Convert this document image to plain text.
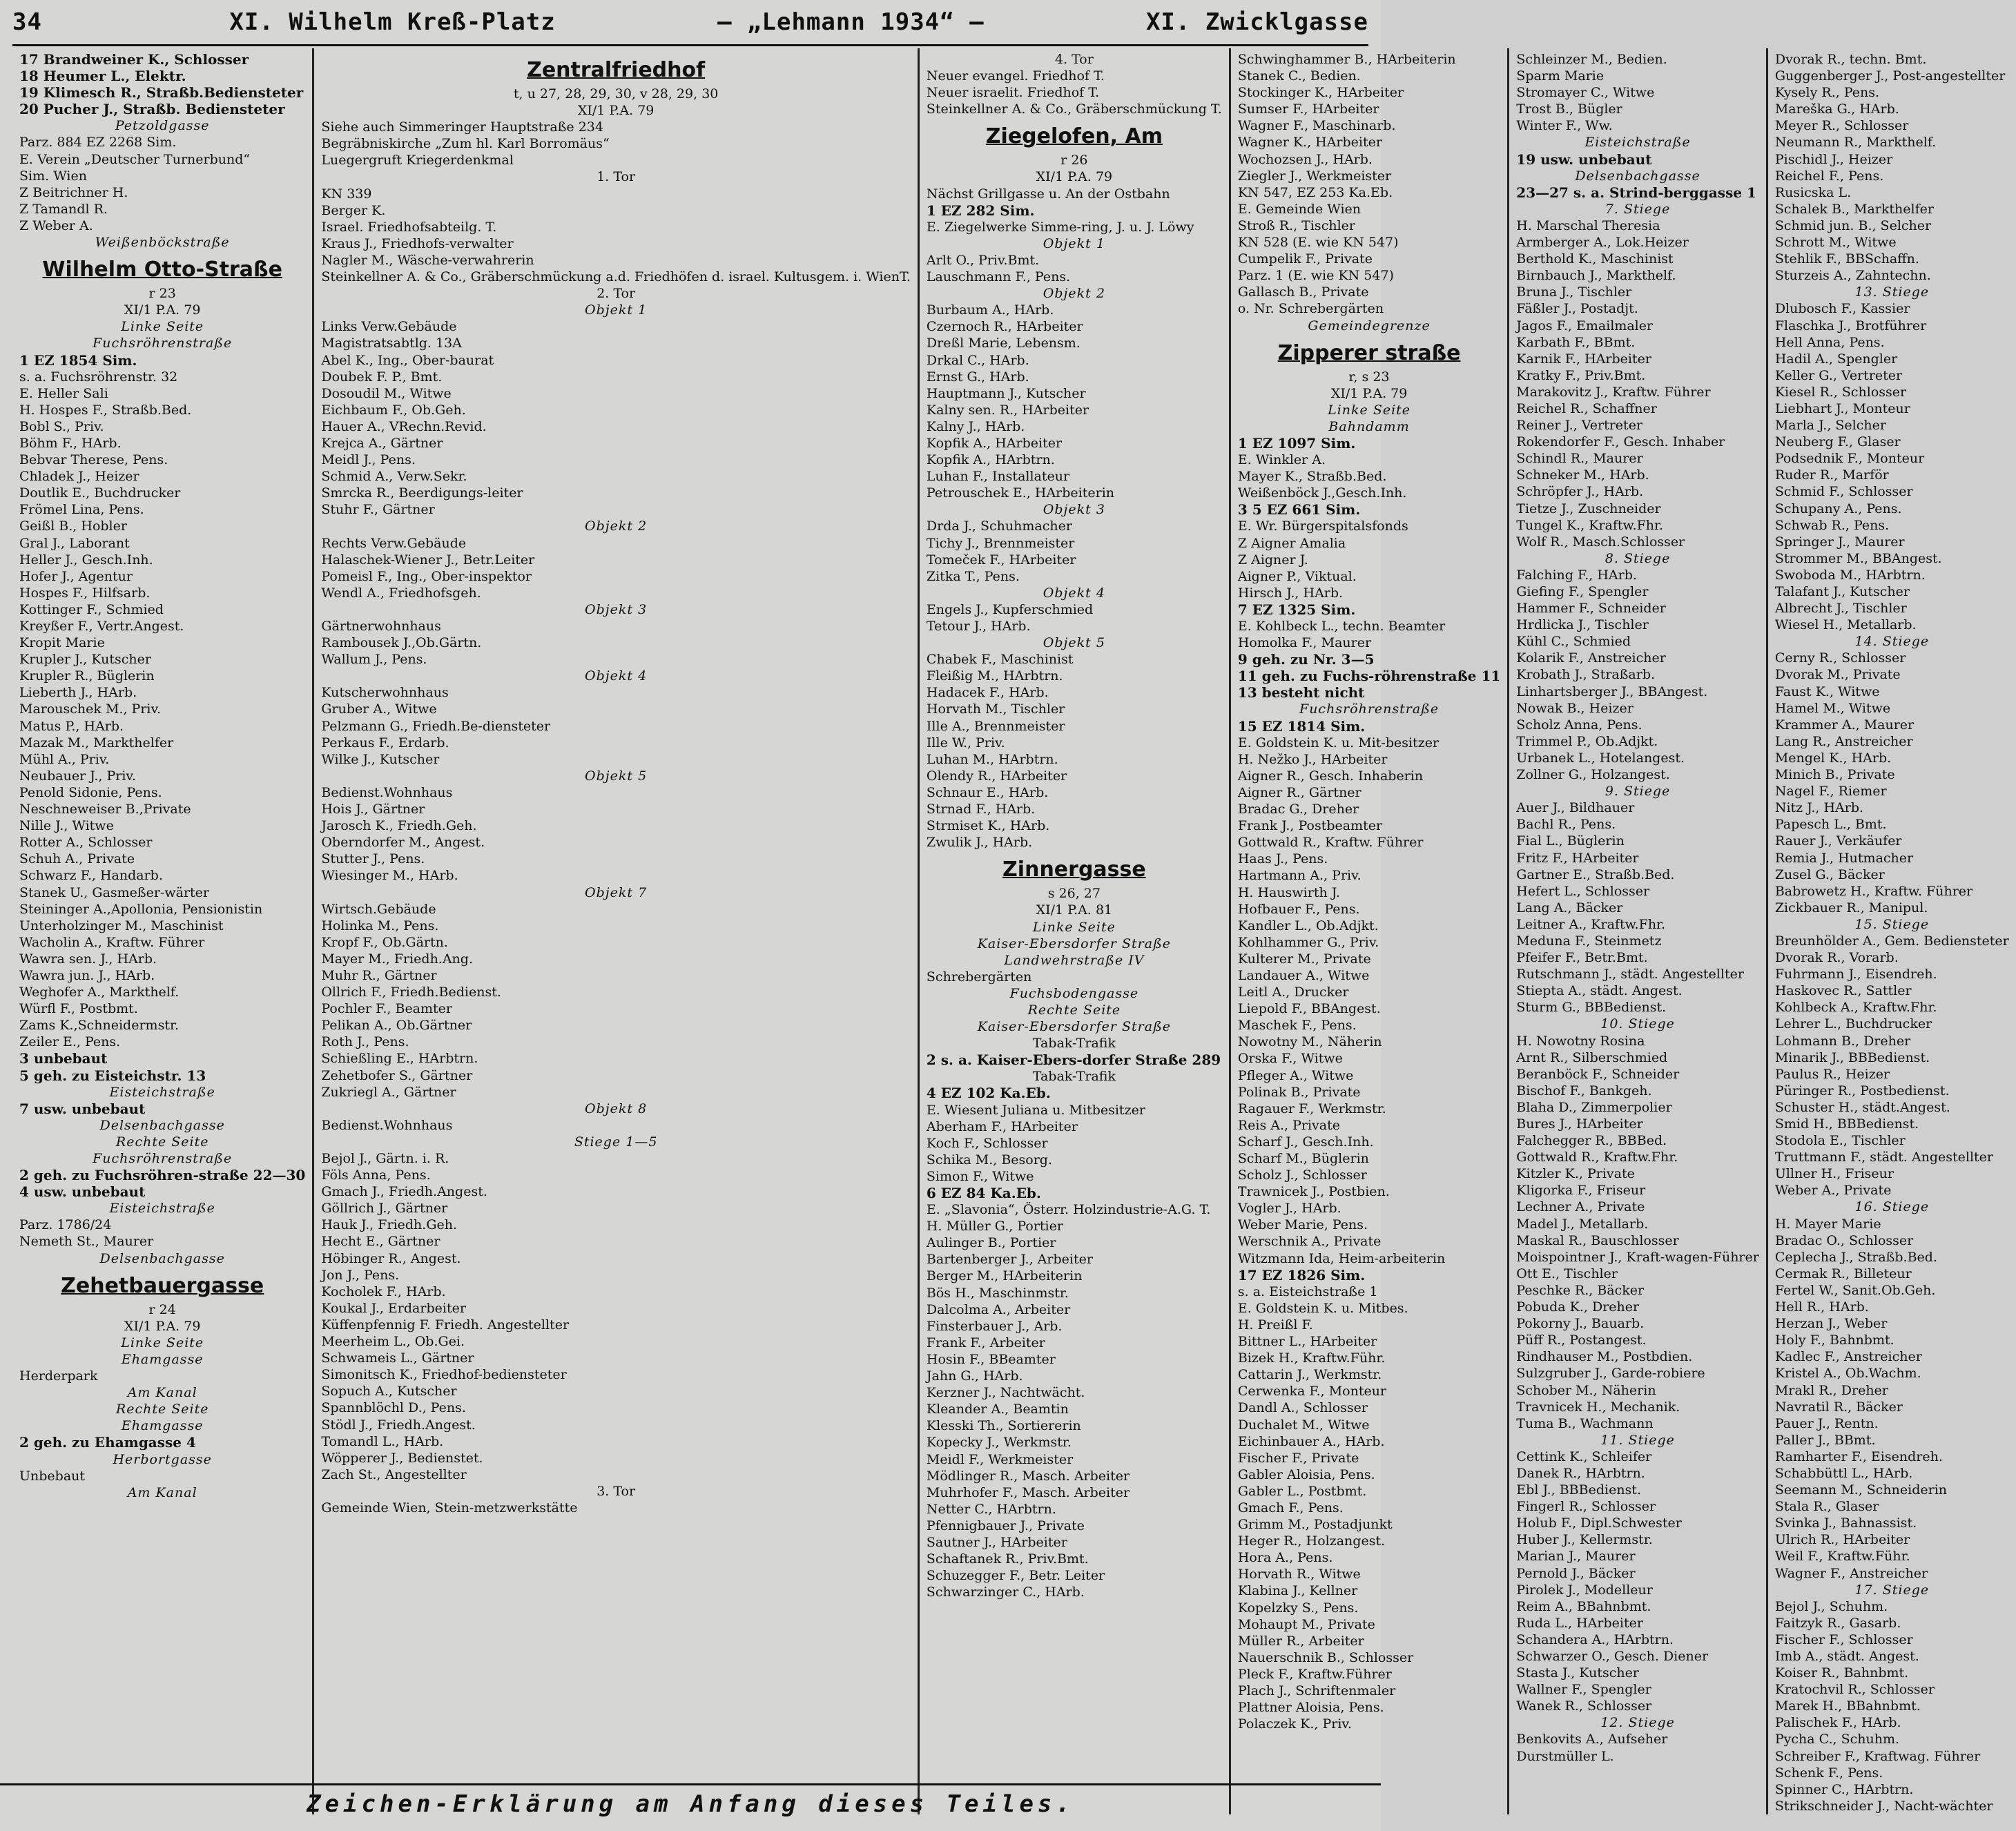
34	XI. Wilhelm Kreß-Platz	— „Lehmann 1934“ —	XI. Zwicklgasse
17 Brandweiner K., Schlosser
18 Heumer L., Elektr.
19 Klimesch R., Straßb.Bediensteter
20 Pucher J., Straßb. Bediensteter
Petzoldgasse
Parz. 884 EZ 2268 Sim.
E. Verein „Deutscher Turnerbund“
Sim. Wien
Z Beitrichner H.
Z Tamandl R.
Z Weber A.
Weißenböckstraße
Wilhelm Otto-Straße
r 23
XI/1 P.A. 79
Linke Seite
Fuchsröhrenstraße
1 EZ 1854 Sim.
s. a. Fuchsröhrenstr. 32
E. Heller Sali
H. Hospes F., Straßb.Bed.
Bobl S., Priv.
Böhm F., HArb.
Bebvar Therese, Pens.
Chladek J., Heizer
Doutlik E., Buchdrucker
Frömel Lina, Pens.
Geißl B., Hobler
Gral J., Laborant
Heller J., Gesch.Inh.
Hofer J., Agentur
Hospes F., Hilfsarb.
Kottinger F., Schmied
Kreyßer F., Vertr.Angest.
Kropit Marie
Krupler J., Kutscher
Krupler R., Büglerin
Lieberth J., HArb.
Marouschek M., Priv.
Matus P., HArb.
Mazak M., Markthelfer
Mühl A., Priv.
Neubauer J., Priv.
Penold Sidonie, Pens.
Neschneweiser B.,Private
Nille J., Witwe
Rotter A., Schlosser
Schuh A., Private
Schwarz F., Handarb.
Stanek U., Gasmeßer-wärter
Steininger A.,Apollonia, Pensionistin
Unterholzinger M., Maschinist
Wacholin A., Kraftw. Führer
Wawra sen. J., HArb.
Wawra jun. J., HArb.
Weghofer A., Markthelf.
Würfl F., Postbmt.
Zams K.,Schneidermstr.
Zeiler E., Pens.
3 unbebaut
5 geh. zu Eisteichstr. 13
Eisteichstraße
7 usw. unbebaut
Delsenbachgasse
Rechte Seite
Fuchsröhrenstraße
2 geh. zu Fuchsröhren-straße 22—30
4 usw. unbebaut
Eisteichstraße
Parz. 1786/24
Nemeth St., Maurer
Delsenbachgasse
Zehetbauergasse
r 24
XI/1 P.A. 79
Linke Seite
Ehamgasse
Herderpark
Am Kanal
Rechte Seite
Ehamgasse
2 geh. zu Ehamgasse 4
Herbortgasse
Unbebaut
Am Kanal
Zentralfriedhof
t, u 27, 28, 29, 30, v 28, 29, 30
XI/1 P.A. 79
Siehe auch Simmeringer Hauptstraße 234
Begräbniskirche „Zum hl. Karl Borromäus“
Luegergruft Kriegerdenkmal
1. Tor
KN 339
Berger K.
Israel. Friedhofsabteilg. T.
Kraus J., Friedhofs-verwalter
Nagler M., Wäsche-verwahrerin
Steinkellner A. & Co., Gräberschmückung a.d. Friedhöfen d. israel. Kultusgem. i. WienT.
2. Tor
Objekt 1
Links Verw.Gebäude
Magistratsabtlg. 13A
Abel K., Ing., Ober-baurat
Doubek F. P., Bmt.
Dosoudil M., Witwe
Eichbaum F., Ob.Geh.
Hauer A., VRechn.Revid.
Krejca A., Gärtner
Meidl J., Pens.
Schmid A., Verw.Sekr.
Smrcka R., Beerdigungs-leiter
Stuhr F., Gärtner
Objekt 2
Rechts Verw.Gebäude
Halaschek-Wiener J., Betr.Leiter
Pomeisl F., Ing., Ober-inspektor
Wendl A., Friedhofsgeh.
Objekt 3
Gärtnerwohnhaus
Rambousek J.,Ob.Gärtn.
Wallum J., Pens.
Objekt 4
Kutscherwohnhaus
Gruber A., Witwe
Pelzmann G., Friedh.Be-diensteter
Perkaus F., Erdarb.
Wilke J., Kutscher
Objekt 5
Bedienst.Wohnhaus
Hois J., Gärtner
Jarosch K., Friedh.Geh.
Oberndorfer M., Angest.
Stutter J., Pens.
Wiesinger M., HArb.
Objekt 7
Wirtsch.Gebäude
Holinka M., Pens.
Kropf F., Ob.Gärtn.
Mayer M., Friedh.Ang.
Muhr R., Gärtner
Ollrich F., Friedh.Bedienst.
Pochler F., Beamter
Pelikan A., Ob.Gärtner
Roth J., Pens.
Schießling E., HArbtrn.
Zehetbofer S., Gärtner
Zukriegl A., Gärtner
Objekt 8
Bedienst.Wohnhaus
Stiege 1—5
Bejol J., Gärtn. i. R.
Föls Anna, Pens.
Gmach J., Friedh.Angest.
Göllrich J., Gärtner
Hauk J., Friedh.Geh.
Hecht E., Gärtner
Höbinger R., Angest.
Jon J., Pens.
Kocholek F., HArb.
Koukal J., Erdarbeiter
Küffenpfennig F. Friedh. Angestellter
Meerheim L., Ob.Gei.
Schwameis L., Gärtner
Simonitsch K., Friedhof-bediensteter
Sopuch A., Kutscher
Spannblöchl D., Pens.
Stödl J., Friedh.Angest.
Tomandl L., HArb.
Wöpperer J., Bedienstet.
Zach St., Angestellter
3. Tor
Gemeinde Wien, Stein-metzwerkstätte
4. Tor
Neuer evangel. Friedhof T.
Neuer israelit. Friedhof T.
Steinkellner A. & Co., Gräberschmückung T.
Ziegelofen, Am
r 26
XI/1 P.A. 79
Nächst Grillgasse u. An der Ostbahn
1 EZ 282 Sim.
E. Ziegelwerke Simme-ring, J. u. J. Löwy
Objekt 1
Arlt O., Priv.Bmt.
Lauschmann F., Pens.
Objekt 2
Burbaum A., HArb.
Czernoch R., HArbeiter
Dreßl Marie, Lebensm.
Drkal C., HArb.
Ernst G., HArb.
Hauptmann J., Kutscher
Kalny sen. R., HArbeiter
Kalny J., HArb.
Kopfik A., HArbeiter
Kopfik A., HArbtrn.
Luhan F., Installateur
Petrouschek E., HArbeiterin
Objekt 3
Drda J., Schuhmacher
Tichy J., Brennmeister
Tomeček F., HArbeiter
Zitka T., Pens.
Objekt 4
Engels J., Kupferschmied
Tetour J., HArb.
Objekt 5
Chabek F., Maschinist
Fleißig M., HArbtrn.
Hadacek F., HArb.
Horvath M., Tischler
Ille A., Brennmeister
Ille W., Priv.
Luhan M., HArbtrn.
Olendy R., HArbeiter
Schnaur E., HArb.
Strnad F., HArb.
Strmiset K., HArb.
Zwulik J., HArb.
Zinnergasse
s 26, 27
XI/1 P.A. 81
Linke Seite
Kaiser-Ebersdorfer Straße
Landwehrstraße IV
Schrebergärten
Fuchsbodengasse
Rechte Seite
Kaiser-Ebersdorfer Straße
Tabak-Trafik
2 s. a. Kaiser-Ebers-dorfer Straße 289
Tabak-Trafik
4 EZ 102 Ka.Eb.
E. Wiesent Juliana u. Mitbesitzer
Aberham F., HArbeiter
Koch F., Schlosser
Schika M., Besorg.
Simon F., Witwe
6 EZ 84 Ka.Eb.
E. „Slavonia“, Österr. Holzindustrie-A.G. T.
H. Müller G., Portier
Aulinger B., Portier
Bartenberger J., Arbeiter
Berger M., HArbeiterin
Bös H., Maschinmstr.
Dalcolma A., Arbeiter
Finsterbauer J., Arb.
Frank F., Arbeiter
Hosin F., BBeamter
Jahn G., HArb.
Kerzner J., Nachtwächt.
Kleander A., Beamtin
Klesski Th., Sortiererin
Kopecky J., Werkmstr.
Meidl F., Werkmeister
Mödlinger R., Masch. Arbeiter
Muhrhofer F., Masch. Arbeiter
Netter C., HArbtrn.
Pfennigbauer J., Private
Sautner J., HArbeiter
Schaftanek R., Priv.Bmt.
Schuzegger F., Betr. Leiter
Schwarzinger C., HArb.
Schwinghammer B., HArbeiterin
Stanek C., Bedien.
Stockinger K., HArbeiter
Sumser F., HArbeiter
Wagner F., Maschinarb.
Wagner K., HArbeiter
Wochozsen J., HArb.
Ziegler J., Werkmeister
KN 547, EZ 253 Ka.Eb.
E. Gemeinde Wien
Stroß R., Tischler
KN 528 (E. wie KN 547)
Cumpelik F., Private
Parz. 1 (E. wie KN 547)
Gallasch B., Private
o. Nr. Schrebergärten
Gemeindegrenze
Zipperer straße
r, s 23
XI/1 P.A. 79
Linke Seite
Bahndamm
1 EZ 1097 Sim.
E. Winkler A.
Mayer K., Straßb.Bed.
Weißenböck J.,Gesch.Inh.
3 5 EZ 661 Sim.
E. Wr. Bürgerspitalsfonds
Z Aigner Amalia
Z Aigner J.
Aigner P., Viktual.
Hirsch J., HArb.
7 EZ 1325 Sim.
E. Kohlbeck L., techn. Beamter
Homolka F., Maurer
9 geh. zu Nr. 3—5
11 geh. zu Fuchs-röhrenstraße 11
13 besteht nicht
Fuchsröhrenstraße
15 EZ 1814 Sim.
E. Goldstein K. u. Mit-besitzer
H. Nežko J., HArbeiter
Aigner R., Gesch. Inhaberin
Aigner R., Gärtner
Bradac G., Dreher
Frank J., Postbeamter
Gottwald R., Kraftw. Führer
Haas J., Pens.
Hartmann A., Priv.
H. Hauswirth J.
Hofbauer F., Pens.
Kandler L., Ob.Adjkt.
Kohlhammer G., Priv.
Kulterer M., Private
Landauer A., Witwe
Leitl A., Drucker
Liepold F., BBAngest.
Maschek F., Pens.
Nowotny M., Näherin
Orska F., Witwe
Pfleger A., Witwe
Polinak B., Private
Ragauer F., Werkmstr.
Reis A., Private
Scharf J., Gesch.Inh.
Scharf M., Büglerin
Scholz J., Schlosser
Trawnicek J., Postbien.
Vogler J., HArb.
Weber Marie, Pens.
Werschnik A., Private
Witzmann Ida, Heim-arbeiterin
17 EZ 1826 Sim.
s. a. Eisteichstraße 1
E. Goldstein K. u. Mitbes.
H. Preißl F.
Bittner L., HArbeiter
Bizek H., Kraftw.Führ.
Cattarin J., Werkmstr.
Cerwenka F., Monteur
Dandl A., Schlosser
Duchalet M., Witwe
Eichinbauer A., HArb.
Fischer F., Private
Gabler Aloisia, Pens.
Gabler L., Postbmt.
Gmach F., Pens.
Grimm M., Postadjunkt
Heger R., Holzangest.
Hora A., Pens.
Horvath R., Witwe
Klabina J., Kellner
Kopelzky S., Pens.
Mohaupt M., Private
Müller R., Arbeiter
Nauerschnik B., Schlosser
Pleck F., Kraftw.Führer
Plach J., Schriftenmaler
Plattner Aloisia, Pens.
Polaczek K., Priv.
Schleinzer M., Bedien.
Sparm Marie
Stromayer C., Witwe
Trost B., Bügler
Winter F., Ww.
Eisteichstraße
19 usw. unbebaut
Delsenbachgasse
23—27 s. a. Strind-berggasse 1
7. Stiege
H. Marschal Theresia
Armberger A., Lok.Heizer
Berthold K., Maschinist
Birnbauch J., Markthelf.
Bruna J., Tischler
Fäßler J., Postadjt.
Jagos F., Emailmaler
Karbath F., BBmt.
Karnik F., HArbeiter
Kratky F., Priv.Bmt.
Marakovitz J., Kraftw. Führer
Reichel R., Schaffner
Reiner J., Vertreter
Rokendorfer F., Gesch. Inhaber
Schindl R., Maurer
Schneker M., HArb.
Schröpfer J., HArb.
Tietze J., Zuschneider
Tungel K., Kraftw.Fhr.
Wolf R., Masch.Schlosser
8. Stiege
Falching F., HArb.
Giefing F., Spengler
Hammer F., Schneider
Hrdlicka J., Tischler
Kühl C., Schmied
Kolarik F., Anstreicher
Krobath J., Straßarb.
Linhartsberger J., BBAngest.
Nowak B., Heizer
Scholz Anna, Pens.
Trimmel P., Ob.Adjkt.
Urbanek L., Hotelangest.
Zollner G., Holzangest.
9. Stiege
Auer J., Bildhauer
Bachl R., Pens.
Fial L., Büglerin
Fritz F., HArbeiter
Gartner E., Straßb.Bed.
Hefert L., Schlosser
Lang A., Bäcker
Leitner A., Kraftw.Fhr.
Meduna F., Steinmetz
Pfeifer F., Betr.Bmt.
Rutschmann J., städt. Angestellter
Stiepta A., städt. Angest.
Sturm G., BBBedienst.
10. Stiege
H. Nowotny Rosina
Arnt R., Silberschmied
Beranböck F., Schneider
Bischof F., Bankgeh.
Blaha D., Zimmerpolier
Bures J., HArbeiter
Falchegger R., BBBed.
Gottwald R., Kraftw.Fhr.
Kitzler K., Private
Kligorka F., Friseur
Lechner A., Private
Madel J., Metallarb.
Maskal R., Bauschlosser
Moispointner J., Kraft-wagen-Führer
Ott E., Tischler
Peschke R., Bäcker
Pobuda K., Dreher
Pokorny J., Bauarb.
Püff R., Postangest.
Rindhauser M., Postbdien.
Sulzgruber J., Garde-robiere
Schober M., Näherin
Travnicek H., Mechanik.
Tuma B., Wachmann
11. Stiege
Cettink K., Schleifer
Danek R., HArbtrn.
Ebl J., BBBedienst.
Fingerl R., Schlosser
Holub F., Dipl.Schwester
Huber J., Kellermstr.
Marian J., Maurer
Pernold J., Bäcker
Pirolek J., Modelleur
Reim A., BBahnbmt.
Ruda L., HArbeiter
Schandera A., HArbtrn.
Schwarzer O., Gesch. Diener
Stasta J., Kutscher
Wallner F., Spengler
Wanek R., Schlosser
12. Stiege
Benkovits A., Aufseher
Durstmüller L.
Dvorak R., techn. Bmt.
Guggenberger J., Post-angestellter
Kysely R., Pens.
Mareška G., HArb.
Meyer R., Schlosser
Neumann R., Markthelf.
Pischidl J., Heizer
Reichel F., Pens.
Rusicska L.
Schalek B., Markthelfer
Schmid jun. B., Selcher
Schrott M., Witwe
Stehlik F., BBSchaffn.
Sturzeis A., Zahntechn.
13. Stiege
Dlubosch F., Kassier
Flaschka J., Brotführer
Hell Anna, Pens.
Hadil A., Spengler
Keller G., Vertreter
Kiesel R., Schlosser
Liebhart J., Monteur
Marla J., Selcher
Neuberg F., Glaser
Podsednik F., Monteur
Ruder R., Marför
Schmid F., Schlosser
Schupany A., Pens.
Schwab R., Pens.
Springer J., Maurer
Strommer M., BBAngest.
Swoboda M., HArbtrn.
Talafant J., Kutscher
Albrecht J., Tischler
Wiesel H., Metallarb.
14. Stiege
Cerny R., Schlosser
Dvorak M., Private
Faust K., Witwe
Hamel M., Witwe
Krammer A., Maurer
Lang R., Anstreicher
Mengel K., HArb.
Minich B., Private
Nagel F., Riemer
Nitz J., HArb.
Papesch L., Bmt.
Rauer J., Verkäufer
Remia J., Hutmacher
Zusel G., Bäcker
Babrowetz H., Kraftw. Führer
Zickbauer R., Manipul.
15. Stiege
Breunhölder A., Gem. Bediensteter
Dvorak R., Vorarb.
Fuhrmann J., Eisendreh.
Haskovec R., Sattler
Kohlbeck A., Kraftw.Fhr.
Lehrer L., Buchdrucker
Lohmann B., Dreher
Minarik J., BBBedienst.
Paulus R., Heizer
Püringer R., Postbedienst.
Schuster H., städt.Angest.
Smid H., BBBedienst.
Stodola E., Tischler
Truttmann F., städt. Angestellter
Ullner H., Friseur
Weber A., Private
16. Stiege
H. Mayer Marie
Bradac O., Schlosser
Ceplecha J., Straßb.Bed.
Cermak R., Billeteur
Fertel W., Sanit.Ob.Geh.
Hell R., HArb.
Herzan J., Weber
Holy F., Bahnbmt.
Kadlec F., Anstreicher
Kristel A., Ob.Wachm.
Mrakl R., Dreher
Navratil R., Bäcker
Pauer J., Rentn.
Paller J., BBmt.
Ramharter F., Eisendreh.
Schabbüttl L., HArb.
Seemann M., Schneiderin
Stala R., Glaser
Svinka J., Bahnassist.
Ulrich R., HArbeiter
Weil F., Kraftw.Führ.
Wagner F., Anstreicher
17. Stiege
Bejol J., Schuhm.
Faitzyk R., Gasarb.
Fischer F., Schlosser
Imb A., städt. Angest.
Koiser R., Bahnbmt.
Kratochvil R., Schlosser
Marek H., BBahnbmt.
Palischek F., HArb.
Pycha C., Schuhm.
Schreiber F., Kraftwag. Führer
Schenk F., Pens.
Spinner C., HArbtrn.
Strikschneider J., Nacht-wächter
Zeichen-Erklärung am Anfang dieses Teiles.
